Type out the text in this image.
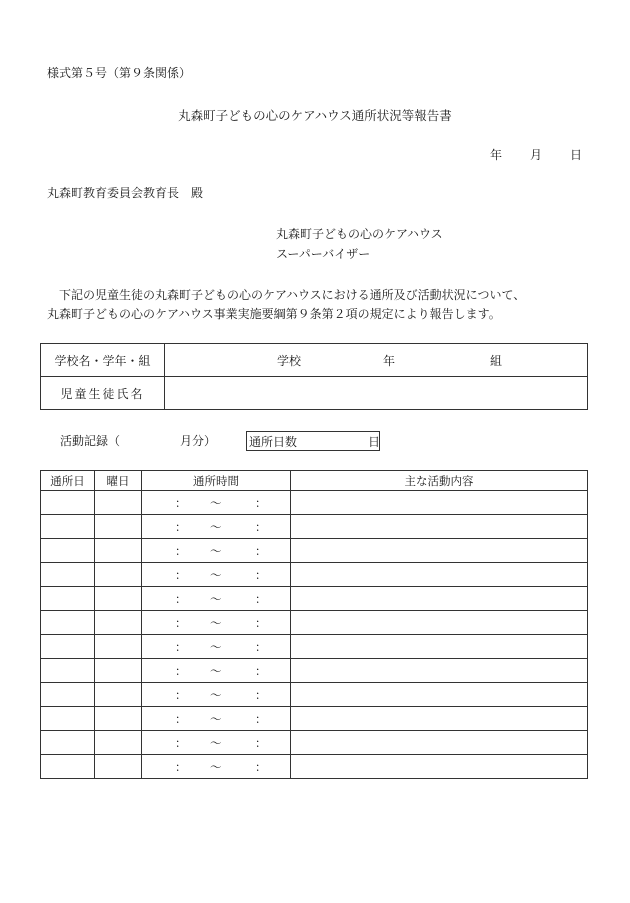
様式第５号（第９条関係）
丸森町子どもの心のケアハウス通所状況等報告書
年 月 日
丸森町教育委員会教育長　殿
丸森町子どもの心のケアハウス
スーパーバイザー
　下記の児童生徒の丸森町子どもの心のケアハウスにおける通所及び活動状況について、
丸森町子どもの心のケアハウス事業実施要綱第９条第２項の規定により報告します。
学校名・学年・組	学校 年 組

児童生徒氏名	
活動記録（	月分）	通所日数	日
通所日	曜日	通所時間	主な活動内容

		： ～ ：	

		： ～ ：	

		： ～ ：	

		： ～ ：	

		： ～ ：	

		： ～ ：	

		： ～ ：	

		： ～ ：	

		： ～ ：	

		： ～ ：	

		： ～ ：	

		： ～ ：	
